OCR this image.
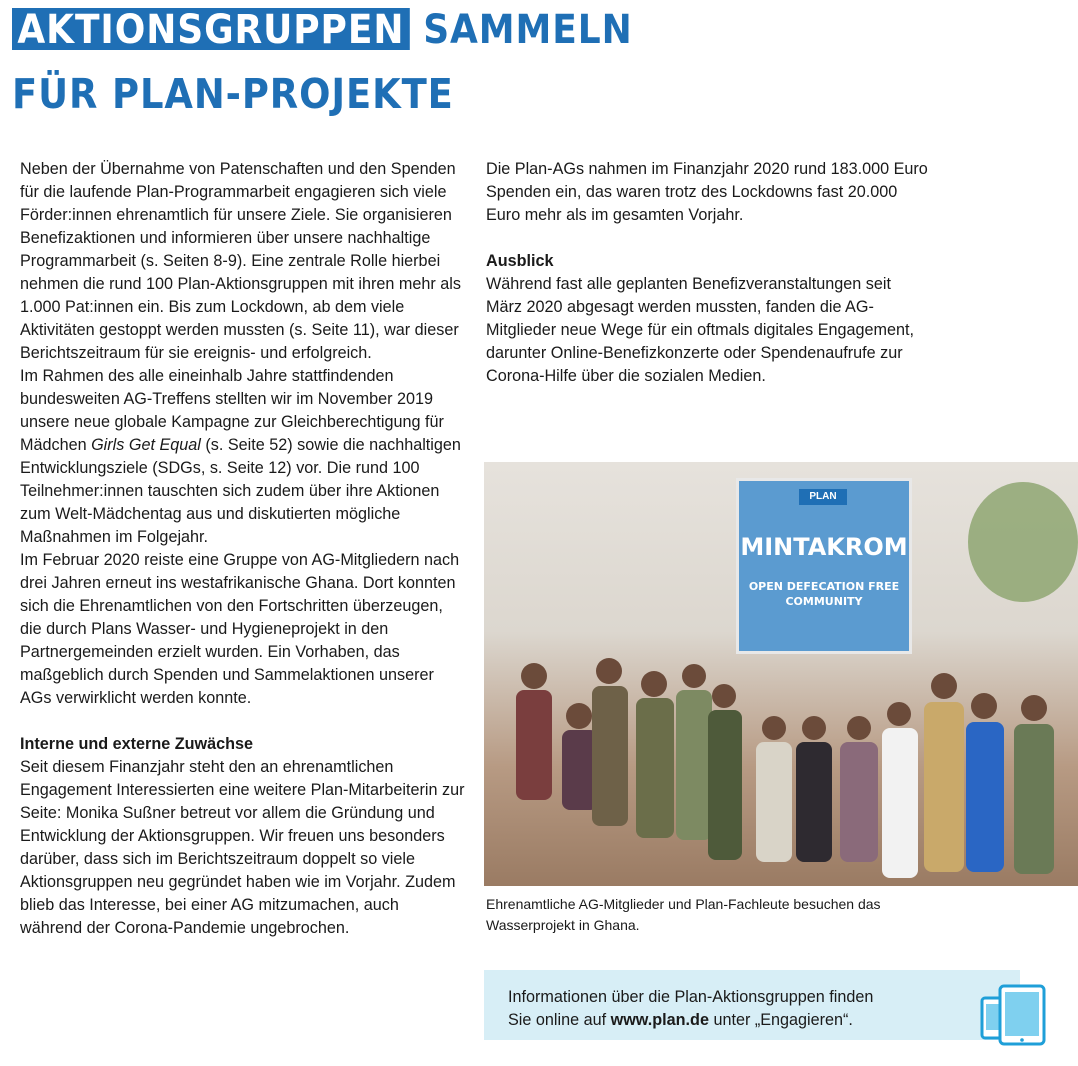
AKTIONSGRUPPEN SAMMELN
FÜR PLAN-PROJEKTE

Neben der Übernahme von Patenschaften und den Spenden für die laufende Plan-Programmarbeit engagieren sich viele Förder:innen ehrenamtlich für unsere Ziele. Sie organisieren Benefizaktionen und informieren über unsere nachhaltige Programmarbeit (s. Seiten 8-9). Eine zentrale Rolle hierbei nehmen die rund 100 Plan-Aktionsgruppen mit ihren mehr als 1.000 Pat:innen ein. Bis zum Lockdown, ab dem viele Aktivitäten gestoppt werden mussten (s. Seite 11), war dieser Berichtszeitraum für sie ereignis- und erfolgreich.

Im Rahmen des alle eineinhalb Jahre stattfindenden bundesweiten AG-Treffens stellten wir im November 2019 unsere neue globale Kampagne zur Gleichberechtigung für Mädchen Girls Get Equal (s. Seite 52) sowie die nachhaltigen Entwicklungsziele (SDGs, s. Seite 12) vor. Die rund 100 Teilnehmer:innen tauschten sich zudem über ihre Aktionen zum Welt-Mädchentag aus und diskutierten mögliche Maßnahmen im Folgejahr.

Im Februar 2020 reiste eine Gruppe von AG-Mitgliedern nach drei Jahren erneut ins westafrikanische Ghana. Dort konnten sich die Ehrenamtlichen von den Fortschritten überzeugen, die durch Plans Wasser- und Hygieneprojekt in den Partnergemeinden erzielt wurden. Ein Vorhaben, das maßgeblich durch Spenden und Sammelaktionen unserer AGs verwirklicht werden konnte.

Interne und externe Zuwächse

Seit diesem Finanzjahr steht den an ehrenamtlichen Engagement Interessierten eine weitere Plan-Mitarbeiterin zur Seite: Monika Sußner betreut vor allem die Gründung und Entwicklung der Aktionsgruppen. Wir freuen uns besonders darüber, dass sich im Berichtszeitraum doppelt so viele Aktionsgruppen neu gegründet haben wie im Vorjahr. Zudem blieb das Interesse, bei einer AG mitzumachen, auch während der Corona-Pandemie ungebrochen.

Die Plan-AGs nahmen im Finanzjahr 2020 rund 183.000 Euro Spenden ein, das waren trotz des Lockdowns fast 20.000 Euro mehr als im gesamten Vorjahr.

Ausblick

Während fast alle geplanten Benefizveranstaltungen seit März 2020 abgesagt werden mussten, fanden die AG-Mitglieder neue Wege für ein oftmals digitales Engagement, darunter Online-Benefizkonzerte oder Spendenaufrufe zur Corona-Hilfe über die sozialen Medien.

PLAN
MINTAKROM
OPEN DEFECATION FREE COMMUNITY
Ehrenamtliche AG-Mitglieder und Plan-Fachleute besuchen das Wasserprojekt in Ghana.
Informationen über die Plan-Aktionsgruppen finden
Sie online auf www.plan.de unter „Engagieren“.
